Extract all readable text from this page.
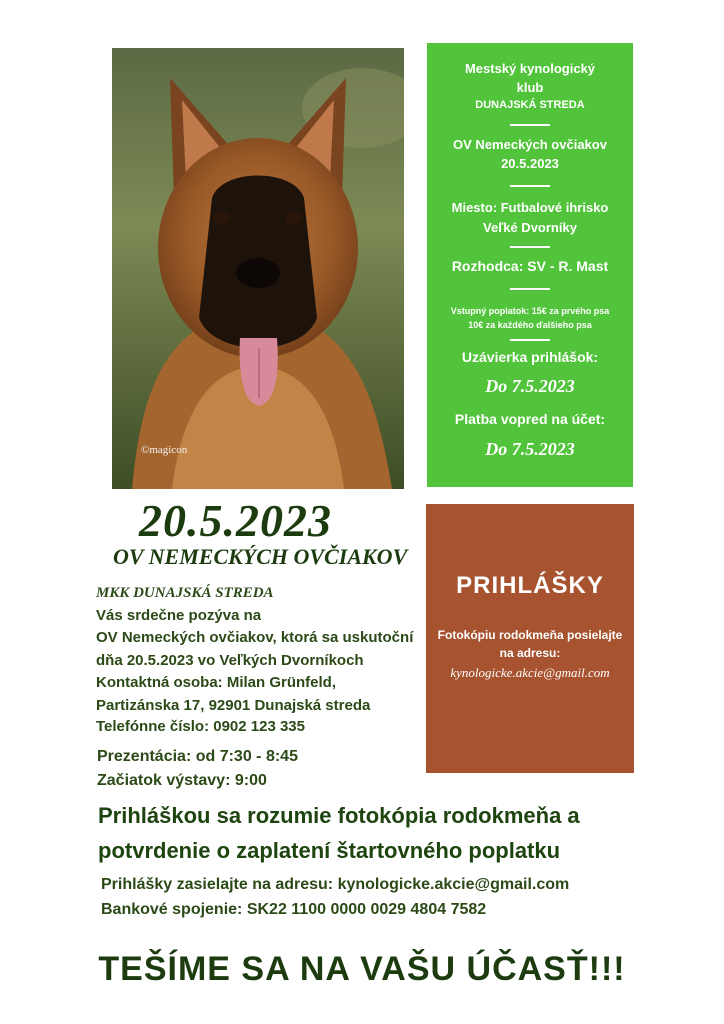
©magicon
Mestský kynologický
klub
DUNAJSKÁ STREDA
OV Nemeckých ovčiakov
20.5.2023
Miesto: Futbalové ihrisko
Veľké Dvorníky
Rozhodca: SV - R. Mast
Vstupný poplatok: 15€ za prvého psa
10€ za každého ďalšieho psa
Uzávierka prihlášok:
Do 7.5.2023
Platba vopred na účet:
Do 7.5.2023
PRIHLÁŠKY
Fotokópiu rodokmeňa posielajte
na adresu:
kynologicke.akcie@gmail.com
20.5.2023
OV NEMECKÝCH OVČIAKOV
MKK DUNAJSKÁ STREDA
Vás srdečne pozýva na
OV Nemeckých ovčiakov, ktorá sa uskutoční
dňa 20.5.2023 vo Veľkých Dvorníkoch
Kontaktná osoba: Milan Grünfeld,
Partizánska 17, 92901 Dunajská streda
Telefónne číslo: 0902 123 335
Prezentácia: od 7:30 - 8:45
Začiatok výstavy: 9:00
Prihláškou sa rozumie fotokópia rodokmeňa a
potvrdenie o zaplatení štartovného poplatku
Prihlášky zasielajte na adresu: kynologicke.akcie@gmail.com
Bankové spojenie: SK22 1100 0000 0029 4804 7582
TEŠÍME SA NA VAŠU ÚČASŤ!!!
